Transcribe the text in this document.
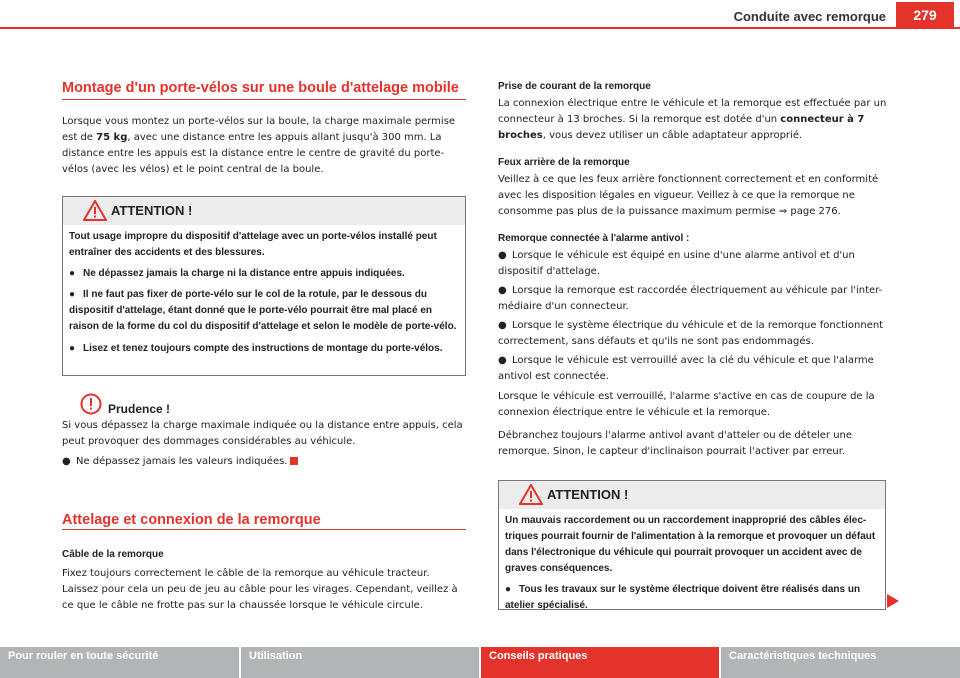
Conduite avec remorque	279
Montage d'un porte-vélos sur une boule d'attelage mobile
Lorsque vous montez un porte-vélos sur la boule, la charge maximale permise est de 75 kg, avec une distance entre les appuis allant jusqu'à 300 mm. La distance entre les appuis est la distance entre le centre de gravité du porte-vélos (avec les vélos) et le point central de la boule.
ATTENTION !

Tout usage impropre du dispositif d'attelage avec un porte-vélos installé peut entraîner des accidents et des blessures.

● Ne dépassez jamais la charge ni la distance entre appuis indiquées.

● Il ne faut pas fixer de porte-vélo sur le col de la rotule, par le dessous du dispositif d'attelage, étant donné que le porte-vélo pourrait être mal placé en raison de la forme du col du dispositif d'attelage et selon le modèle de porte-vélo.

● Lisez et tenez toujours compte des instructions de montage du porte-vélos.

Prudence !
Si vous dépassez la charge maximale indiquée ou la distance entre appuis, cela peut provoquer des dommages considérables au véhicule.
● Ne dépassez jamais les valeurs indiquées.
Attelage et connexion de la remorque
Câble de la remorque
Fixez toujours correctement le câble de la remorque au véhicule tracteur. Laissez pour cela un peu de jeu au câble pour les virages. Cependant, veillez à ce que le câble ne frotte pas sur la chaussée lorsque le véhicule circule.
Prise de courant de la remorque
La connexion électrique entre le véhicule et la remorque est effectuée par un connecteur à 13 broches. Si la remorque est dotée d'un connecteur à 7 broches, vous devez utiliser un câble adaptateur approprié.
Feux arrière de la remorque
Veillez à ce que les feux arrière fonctionnent correctement et en conformité avec les disposition légales en vigueur. Veillez à ce que la remorque ne consomme pas plus de la puissance maximum permise ⇒ page 276.
Remorque connectée à l'alarme antivol :
● Lorsque le véhicule est équipé en usine d'une alarme antivol et d'un dispositif d'attelage.
● Lorsque la remorque est raccordée électriquement au véhicule par l'inter-médiaire d'un connecteur.
● Lorsque le système électrique du véhicule et de la remorque fonctionnent correctement, sans défauts et qu'ils ne sont pas endommagés.
● Lorsque le véhicule est verrouillé avec la clé du véhicule et que l'alarme antivol est connectée.
Lorsque le véhicule est verrouillé, l'alarme s'active en cas de coupure de la connexion électrique entre le véhicule et la remorque.
Débranchez toujours l'alarme antivol avant d'atteler ou de dételer une remorque. Sinon, le capteur d'inclinaison pourrait l'activer par erreur.
ATTENTION !

Un mauvais raccordement ou un raccordement inapproprié des câbles élec-triques pourrait fournir de l'alimentation à la remorque et provoquer un défaut dans l'électronique du véhicule qui pourrait provoquer un accident avec de graves conséquences.

● Tous les travaux sur le système électrique doivent être réalisés dans un atelier spécialisé.

Pour rouler en toute sécurité	Utilisation	Conseils pratiques	Caractéristiques techniques
